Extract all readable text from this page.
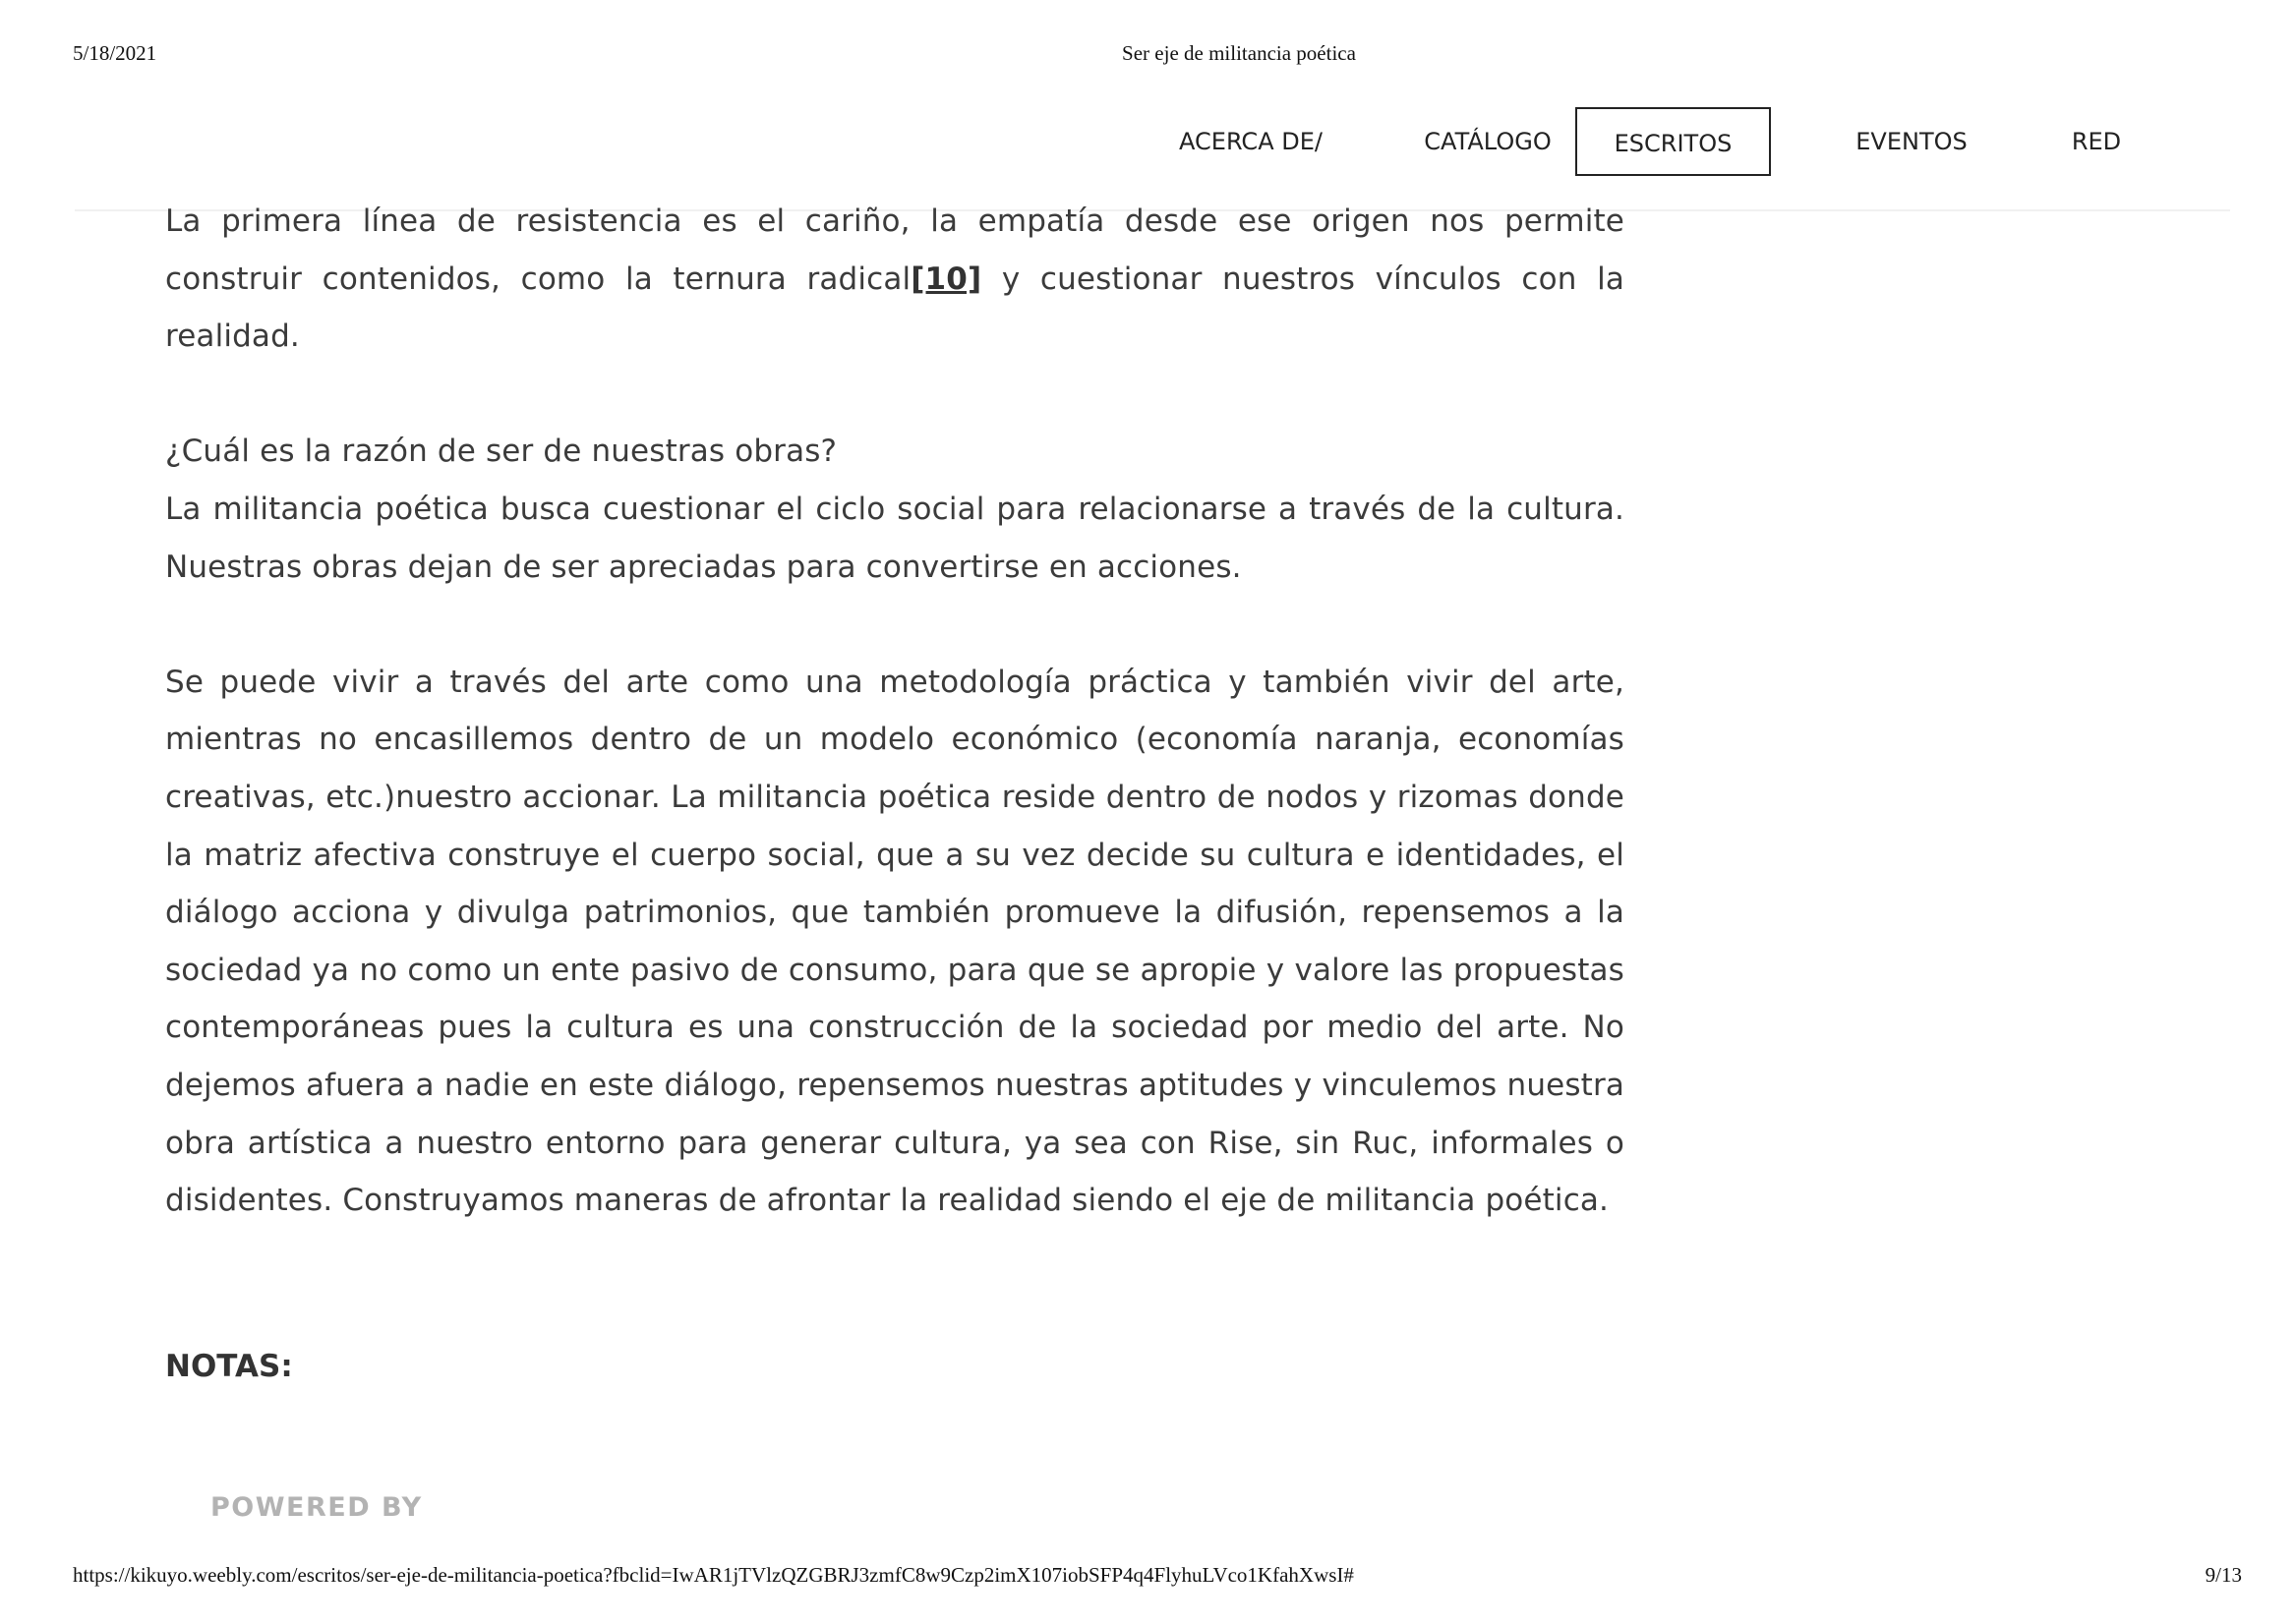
5/18/2021	Ser eje de militancia poética
ACERCA DE/	CATÁLOGO	ESCRITOS	EVENTOS	RED

La primera línea de resistencia es el cariño, la empatía desde ese origen nos permite construir contenidos, como la ternura radical[10] y cuestionar nuestros vínculos con la realidad.

¿Cuál es la razón de ser de nuestras obras?

La militancia poética busca cuestionar el ciclo social para relacionarse a través de la cultura. Nuestras obras dejan de ser apreciadas para convertirse en acciones.

Se puede vivir a través del arte como una metodología práctica y también vivir del arte, mientras no encasillemos dentro de un modelo económico (economía naranja, economías creativas, etc.)nuestro accionar. La militancia poética reside dentro de nodos y rizomas donde la matriz afectiva construye el cuerpo social, que a su vez decide su cultura e identidades, el diálogo acciona y divulga patrimonios, que también promueve la difusión, repensemos a la sociedad ya no como un ente pasivo de consumo, para que se apropie y valore las propuestas contemporáneas pues la cultura es una construcción de la sociedad por medio del arte. No dejemos afuera a nadie en este diálogo, repensemos nuestras aptitudes y vinculemos nuestra obra artística a nuestro entorno para generar cultura, ya sea con Rise, sin Ruc, informales o disidentes. Construyamos maneras de afrontar la realidad siendo el eje de militancia poética.

NOTAS:
POWERED BY
https://kikuyo.weebly.com/escritos/ser-eje-de-militancia-poetica?fbclid=IwAR1jTVlzQZGBRJ3zmfC8w9Czp2imX107iobSFP4q4FlyhuLVco1KfahXwsI#	9/13
